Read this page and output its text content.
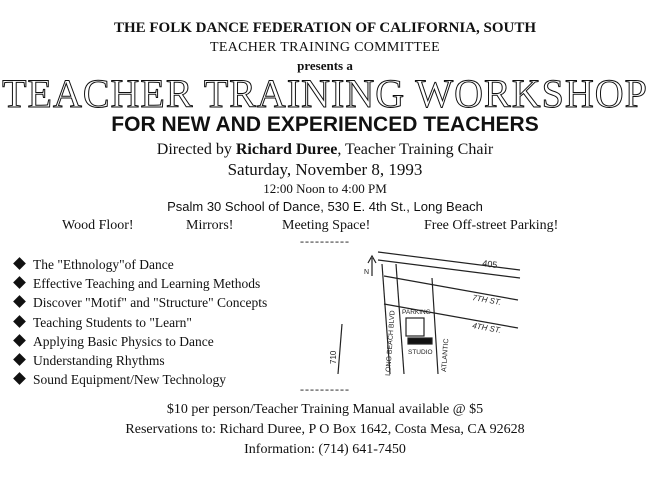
THE FOLK DANCE FEDERATION OF CALIFORNIA, SOUTH
TEACHER TRAINING COMMITTEE
presents a
TEACHER TRAINING WORKSHOP
FOR NEW AND EXPERIENCED TEACHERS
Directed by Richard Duree, Teacher Training Chair
Saturday, November 8, 1993
12:00 Noon to 4:00 PM
Psalm 30 School of Dance, 530 E. 4th St., Long Beach
Wood Floor!	Mirrors!	Meeting Space!	Free Off-street Parking!
----------
The "Ethnology"of Dance
Effective Teaching and Learning Methods
Discover "Motif" and "Structure" Concepts
Teaching Students to "Learn"
Applying Basic Physics to Dance
Understanding Rhythms
Sound Equipment/New Technology
405
7TH ST.
4TH ST.
LONG BEACH BLVD	ATLANTIC
PARKING
STUDIO
N
710
----------
$10 per person/Teacher Training Manual available @ $5
Reservations to: Richard Duree, P O Box 1642, Costa Mesa, CA 92628
Information: (714) 641-7450
